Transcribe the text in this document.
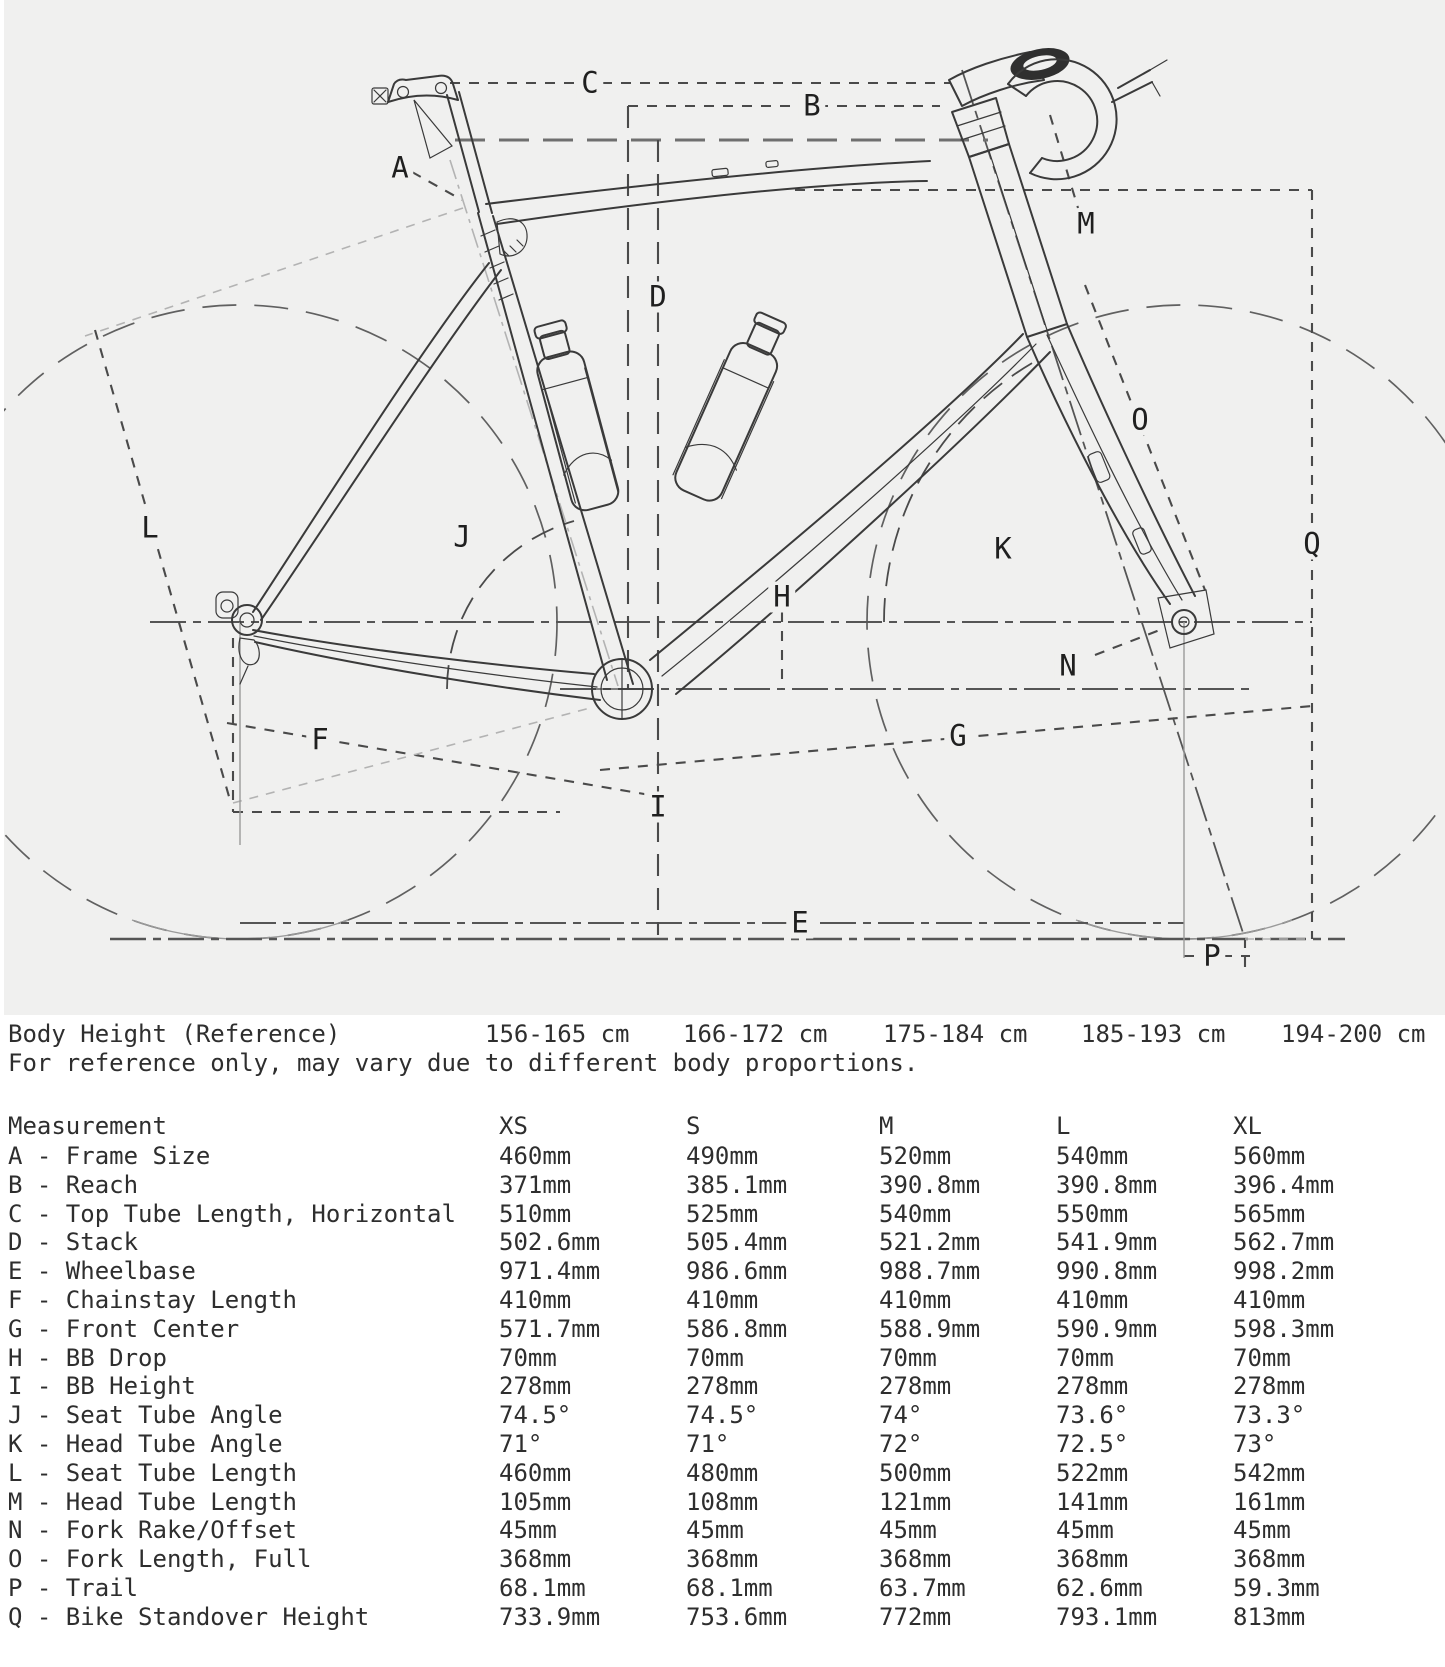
A
B
C
D
E
F	G
H
I
J	K
L
M
N
O
P
Q
Body Height (Reference)	156-165 cm	166-172 cm	175-184 cm	185-193 cm	194-200 cm
For reference only, may vary due to different body proportions.
Measurement	XS	S	M	L	XL
A - Frame Size	460mm	490mm	520mm	540mm	560mm
B - Reach	371mm	385.1mm	390.8mm	390.8mm	396.4mm
C - Top Tube Length, Horizontal	510mm	525mm	540mm	550mm	565mm
D - Stack	502.6mm	505.4mm	521.2mm	541.9mm	562.7mm
E - Wheelbase	971.4mm	986.6mm	988.7mm	990.8mm	998.2mm
F - Chainstay Length	410mm	410mm	410mm	410mm	410mm
G - Front Center	571.7mm	586.8mm	588.9mm	590.9mm	598.3mm
H - BB Drop	70mm	70mm	70mm	70mm	70mm
I - BB Height	278mm	278mm	278mm	278mm	278mm
J - Seat Tube Angle	74.5°	74.5°	74°	73.6°	73.3°
K - Head Tube Angle	71°	71°	72°	72.5°	73°
L - Seat Tube Length	460mm	480mm	500mm	522mm	542mm
M - Head Tube Length	105mm	108mm	121mm	141mm	161mm
N - Fork Rake/Offset	45mm	45mm	45mm	45mm	45mm
O - Fork Length, Full	368mm	368mm	368mm	368mm	368mm
P - Trail	68.1mm	68.1mm	63.7mm	62.6mm	59.3mm
Q - Bike Standover Height	733.9mm	753.6mm	772mm	793.1mm	813mm
